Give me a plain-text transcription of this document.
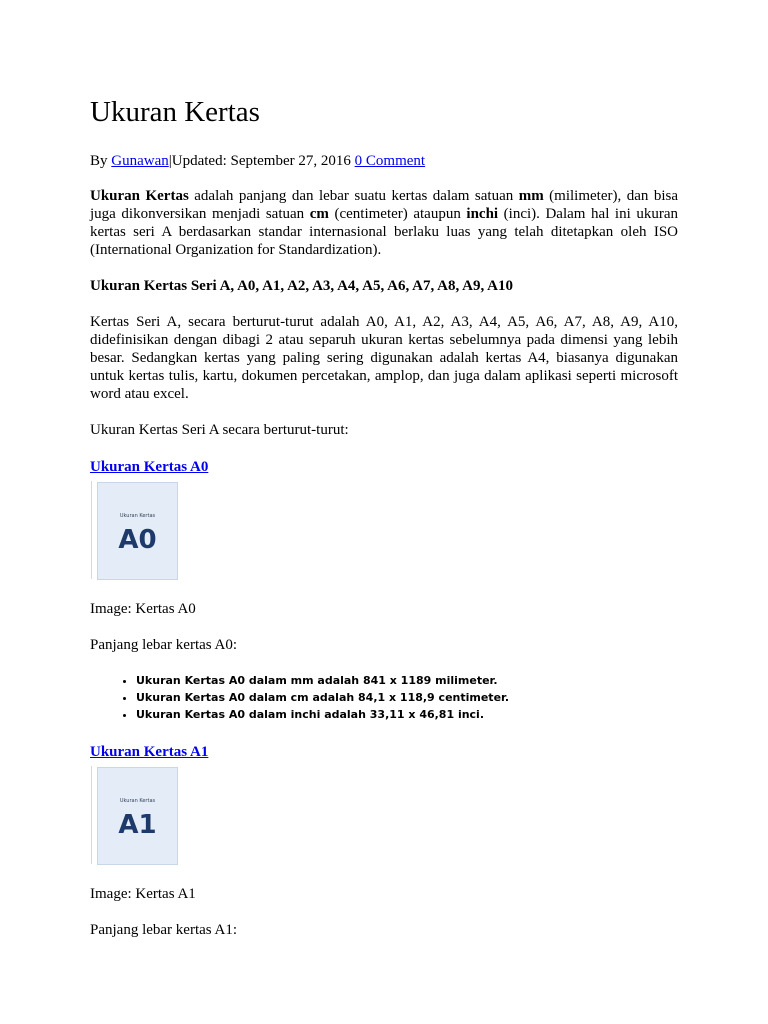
Ukuran Kertas
By Gunawan|Updated: September 27, 2016 0 Comment

Ukuran Kertas adalah panjang dan lebar suatu kertas dalam satuan mm (milimeter), dan bisa juga dikonversikan menjadi satuan cm (centimeter) ataupun inchi (inci). Dalam hal ini ukuran kertas seri A berdasarkan standar internasional berlaku luas yang telah ditetapkan oleh ISO (International Organization for Standardization).

Ukuran Kertas Seri A, A0, A1, A2, A3, A4, A5, A6, A7, A8, A9, A10

Kertas Seri A, secara berturut-turut adalah A0, A1, A2, A3, A4, A5, A6, A7, A8, A9, A10, didefinisikan dengan dibagi 2 atau separuh ukuran kertas sebelumnya pada dimensi yang lebih besar. Sedangkan kertas yang paling sering digunakan adalah kertas A4, biasanya digunakan untuk kertas tulis, kartu, dokumen percetakan, amplop, dan juga dalam aplikasi seperti microsoft word atau excel.

Ukuran Kertas Seri A secara berturut-turut:

Ukuran Kertas A0
Ukuran Kertas
A0

Image: Kertas A0

Panjang lebar kertas A0:

• Ukuran Kertas A0 dalam mm adalah 841 x 1189 milimeter.
• Ukuran Kertas A0 dalam cm adalah 84,1 x 118,9 centimeter.
• Ukuran Kertas A0 dalam inchi adalah 33,11 x 46,81 inci.
Ukuran Kertas A1
Ukuran Kertas
A1

Image: Kertas A1

Panjang lebar kertas A1:
